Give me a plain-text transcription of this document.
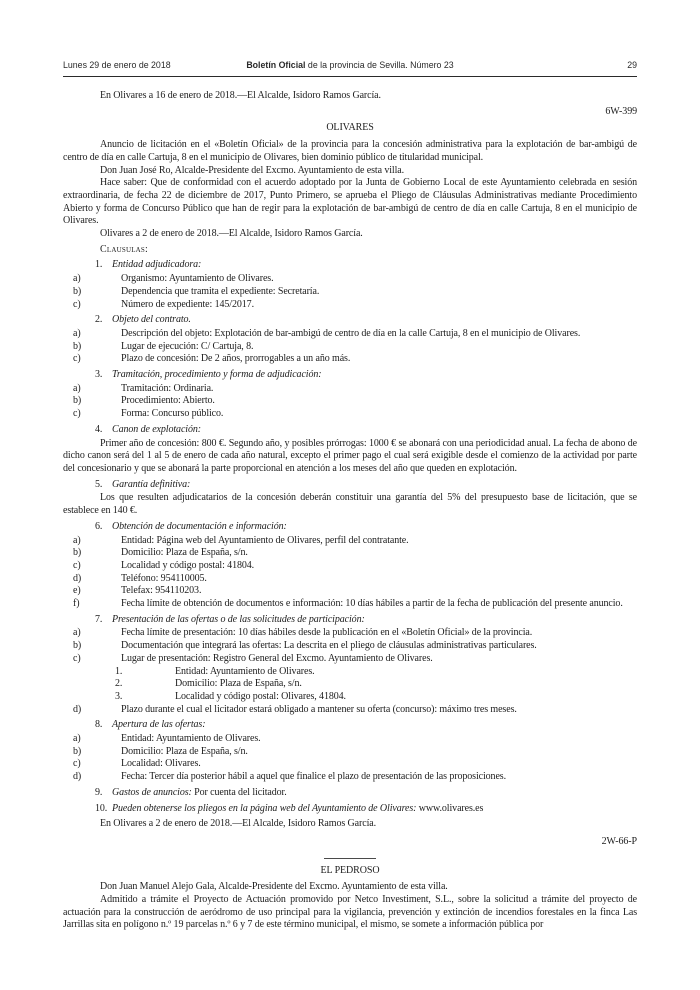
Lunes 29 de enero de 2018	Boletín Oficial de la provincia de Sevilla. Número 23	29
En Olivares a 16 de enero de 2018.—El Alcalde, Isidoro Ramos García.
6W-399
OLIVARES
Anuncio de licitación en el «Boletín Oficial» de la provincia para la concesión administrativa para la explotación de bar-ambigú de centro de día en calle Cartuja, 8 en el municipio de Olivares, bien dominio público de titularidad municipal.
Don Juan José Ro, Alcalde-Presidente del Excmo. Ayuntamiento de esta villa.
Hace saber: Que de conformidad con el acuerdo adoptado por la Junta de Gobierno Local de este Ayuntamiento celebrada en sesión extraordinaria, de fecha 22 de diciembre de 2017, Punto Primero, se aprueba el Pliego de Cláusulas Administrativas mediante Procedimiento Abierto y forma de Concurso Público que han de regir para la explotación de bar-ambigú de centro de día en calle Cartuja, 8 en el municipio de Olivares.
Olivares a 2 de enero de 2018.—El Alcalde, Isidoro Ramos García.
Clausulas:
1. Entidad adjudicadora:
a)	Organismo: Ayuntamiento de Olivares.
b)	Dependencia que tramita el expediente: Secretaría.
c)	Número de expediente: 145/2017.
2. Objeto del contrato.
a)	Descripción del objeto: Explotación de bar-ambigú de centro de día en la calle Cartuja, 8 en el municipio de Olivares.
b)	Lugar de ejecución: C/ Cartuja, 8.
c)	Plazo de concesión: De 2 años, prorrogables a un año más.
3. Tramitación, procedimiento y forma de adjudicación:
a)	Tramitación: Ordinaria.
b)	Procedimiento: Abierto.
c)	Forma: Concurso público.
4. Canon de explotación:
Primer año de concesión: 800 €. Segundo año, y posibles prórrogas: 1000 € se abonará con una periodicidad anual. La fecha de abono de dicho canon será del 1 al 5 de enero de cada año natural, excepto el primer pago el cual será exigible desde el comienzo de la actividad por parte del concesionario y que se abonará la parte proporcional en atención a los meses del año que queden en explotación.
5. Garantía definitiva:
Los que resulten adjudicatarios de la concesión deberán constituir una garantía del 5% del presupuesto base de licitación, que se establece en 140 €.
6. Obtención de documentación e información:
a)	Entidad: Página web del Ayuntamiento de Olivares, perfil del contratante.
b)	Domicilio: Plaza de España, s/n.
c)	Localidad y código postal: 41804.
d)	Teléfono: 954110005.
e)	Telefax: 954110203.
f)	Fecha límite de obtención de documentos e información: 10 días hábiles a partir de la fecha de publicación del presente anuncio.
7. Presentación de las ofertas o de las solicitudes de participación:
a)	Fecha límite de presentación: 10 días hábiles desde la publicación en el «Boletín Oficial» de la provincia.
b)	Documentación que integrará las ofertas: La descrita en el pliego de cláusulas administrativas particulares.
c)	Lugar de presentación: Registro General del Excmo. Ayuntamiento de Olivares.
1.	Entidad: Ayuntamiento de Olivares.
2.	Domicilio: Plaza de España, s/n.
3.	Localidad y código postal: Olivares, 41804.
d)	Plazo durante el cual el licitador estará obligado a mantener su oferta (concurso): máximo tres meses.
8. Apertura de las ofertas:
a)	Entidad: Ayuntamiento de Olivares.
b)	Domicilio: Plaza de España, s/n.
c)	Localidad: Olivares.
d)	Fecha: Tercer día posterior hábil a aquel que finalice el plazo de presentación de las proposiciones.
9. Gastos de anuncios: Por cuenta del licitador.
10. Pueden obtenerse los pliegos en la página web del Ayuntamiento de Olivares: www.olivares.es
En Olivares a 2 de enero de 2018.—El Alcalde, Isidoro Ramos García.
2W-66-P
EL PEDROSO
Don Juan Manuel Alejo Gala, Alcalde-Presidente del Excmo. Ayuntamiento de esta villa.
Admitido a trámite el Proyecto de Actuación promovido por Netco Investiment, S.L., sobre la solicitud a trámite del proyecto de actuación para la construcción de aeródromo de uso principal para la vigilancia, prevención y extinción de incendios forestales en la finca Las Jarrillas sita en polígono n.º 19 parcelas n.º 6 y 7 de este término municipal, el mismo, se somete a información pública por
